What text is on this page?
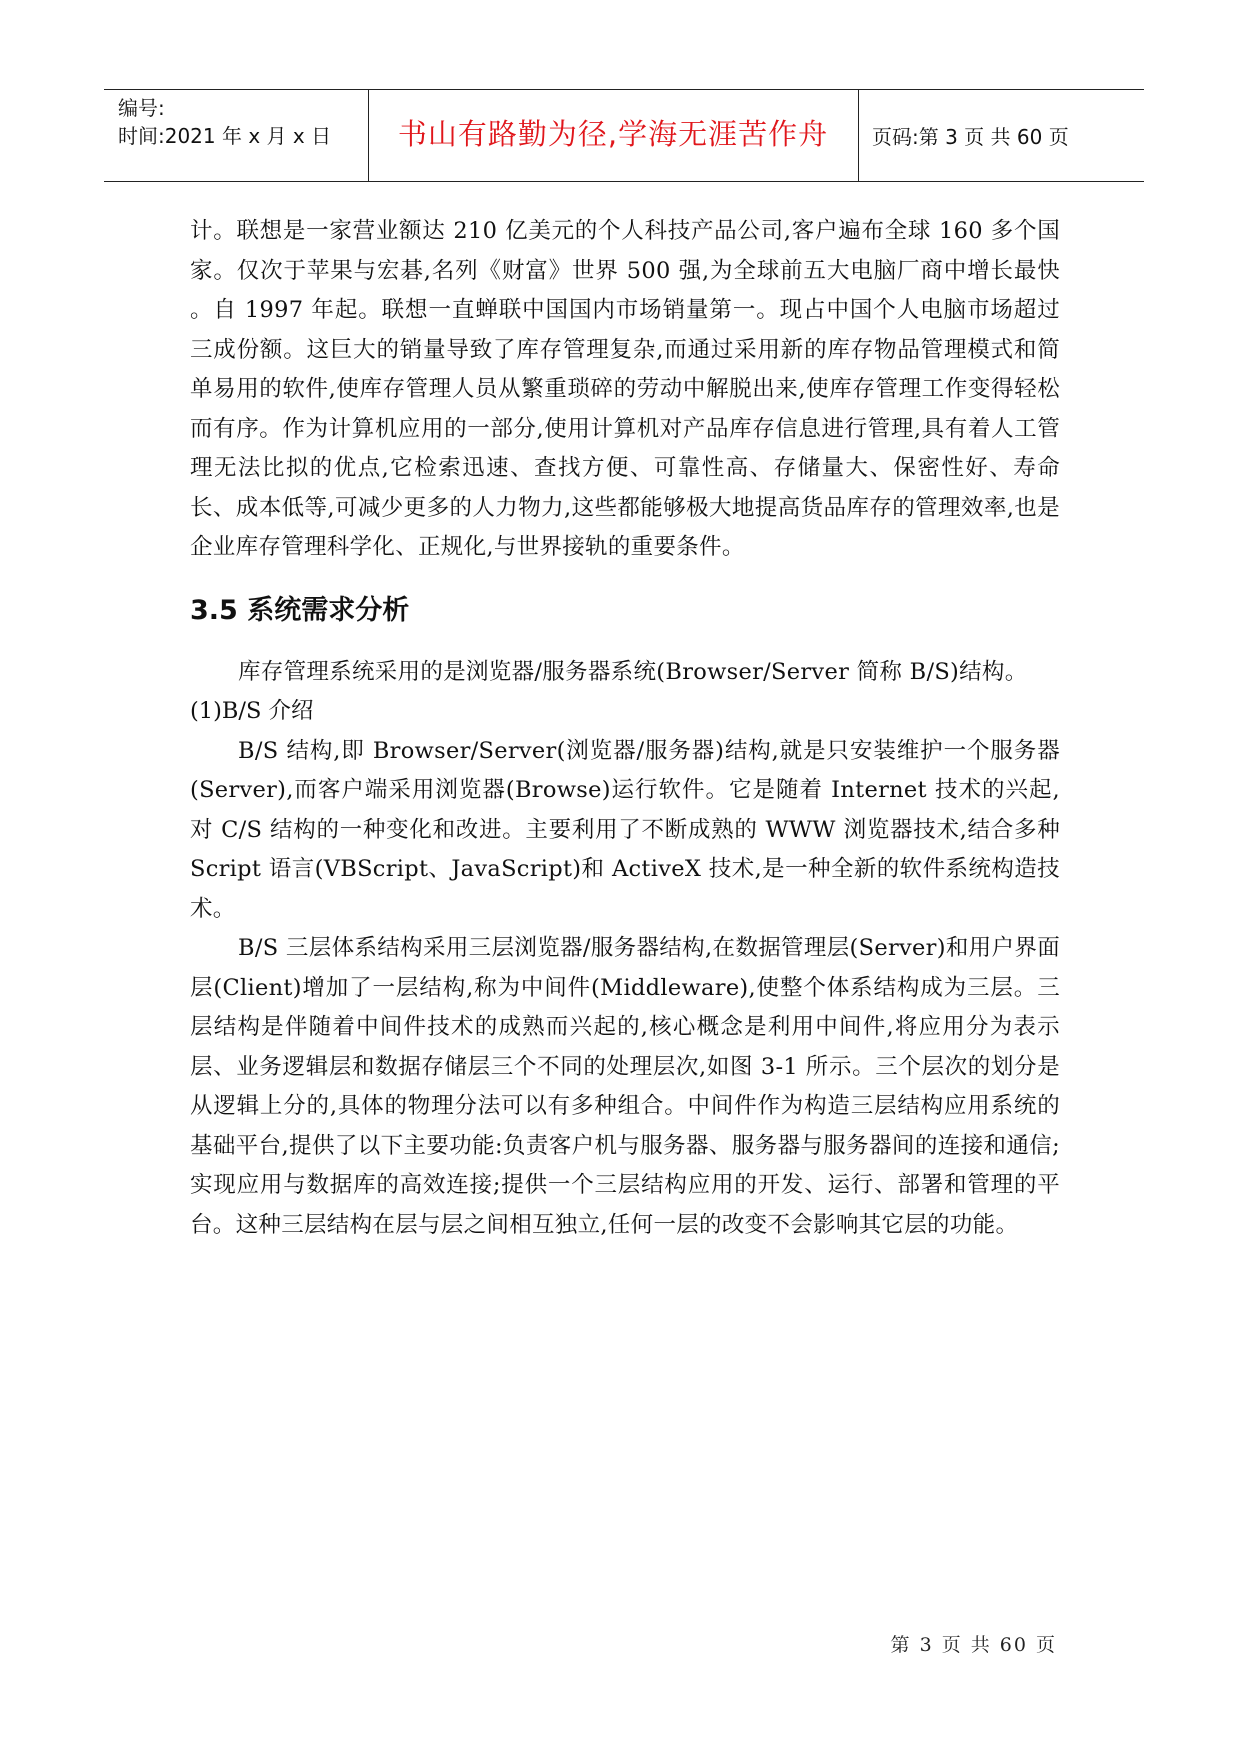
编号:
时间:2021 年 x 月 x 日	书山有路勤为径,学海无涯苦作舟	页码:第 3 页 共 60 页

计。联想是一家营业额达 210 亿美元的个人科技产品公司,客户遍布全球 160 多个国家。仅次于苹果与宏碁,名列《财富》世界 500 强,为全球前五大电脑厂商中增长最快 。自 1997 年起。联想一直蝉联中国国内市场销量第一。现占中国个人电脑市场超过三成份额。这巨大的销量导致了库存管理复杂,而通过采用新的库存物品管理模式和简单易用的软件,使库存管理人员从繁重琐碎的劳动中解脱出来,使库存管理工作变得轻松而有序。作为计算机应用的一部分,使用计算机对产品库存信息进行管理,具有着人工管理无法比拟的优点,它检索迅速、查找方便、可靠性高、存储量大、保密性好、寿命长、成本低等,可减少更多的人力物力,这些都能够极大地提高货品库存的管理效率,也是企业库存管理科学化、正规化,与世界接轨的重要条件。

3.5 系统需求分析

库存管理系统采用的是浏览器/服务器系统(Browser/Server 简称 B/S)结构。

(1)B/S 介绍

B/S 结构,即 Browser/Server(浏览器/服务器)结构,就是只安装维护一个服务器(Server),而客户端采用浏览器(Browse)运行软件。它是随着 Internet 技术的兴起,对 C/S 结构的一种变化和改进。主要利用了不断成熟的 WWW 浏览器技术,结合多种 Script 语言(VBScript、JavaScript)和 ActiveX 技术,是一种全新的软件系统构造技术。

B/S 三层体系结构采用三层浏览器/服务器结构,在数据管理层(Server)和用户界面层(Client)增加了一层结构,称为中间件(Middleware),使整个体系结构成为三层。三层结构是伴随着中间件技术的成熟而兴起的,核心概念是利用中间件,将应用分为表示层、业务逻辑层和数据存储层三个不同的处理层次,如图 3-1 所示。三个层次的划分是从逻辑上分的,具体的物理分法可以有多种组合。中间件作为构造三层结构应用系统的基础平台,提供了以下主要功能:负责客户机与服务器、服务器与服务器间的连接和通信;实现应用与数据库的高效连接;提供一个三层结构应用的开发、运行、部署和管理的平台。这种三层结构在层与层之间相互独立,任何一层的改变不会影响其它层的功能。

第 3 页 共 60 页
